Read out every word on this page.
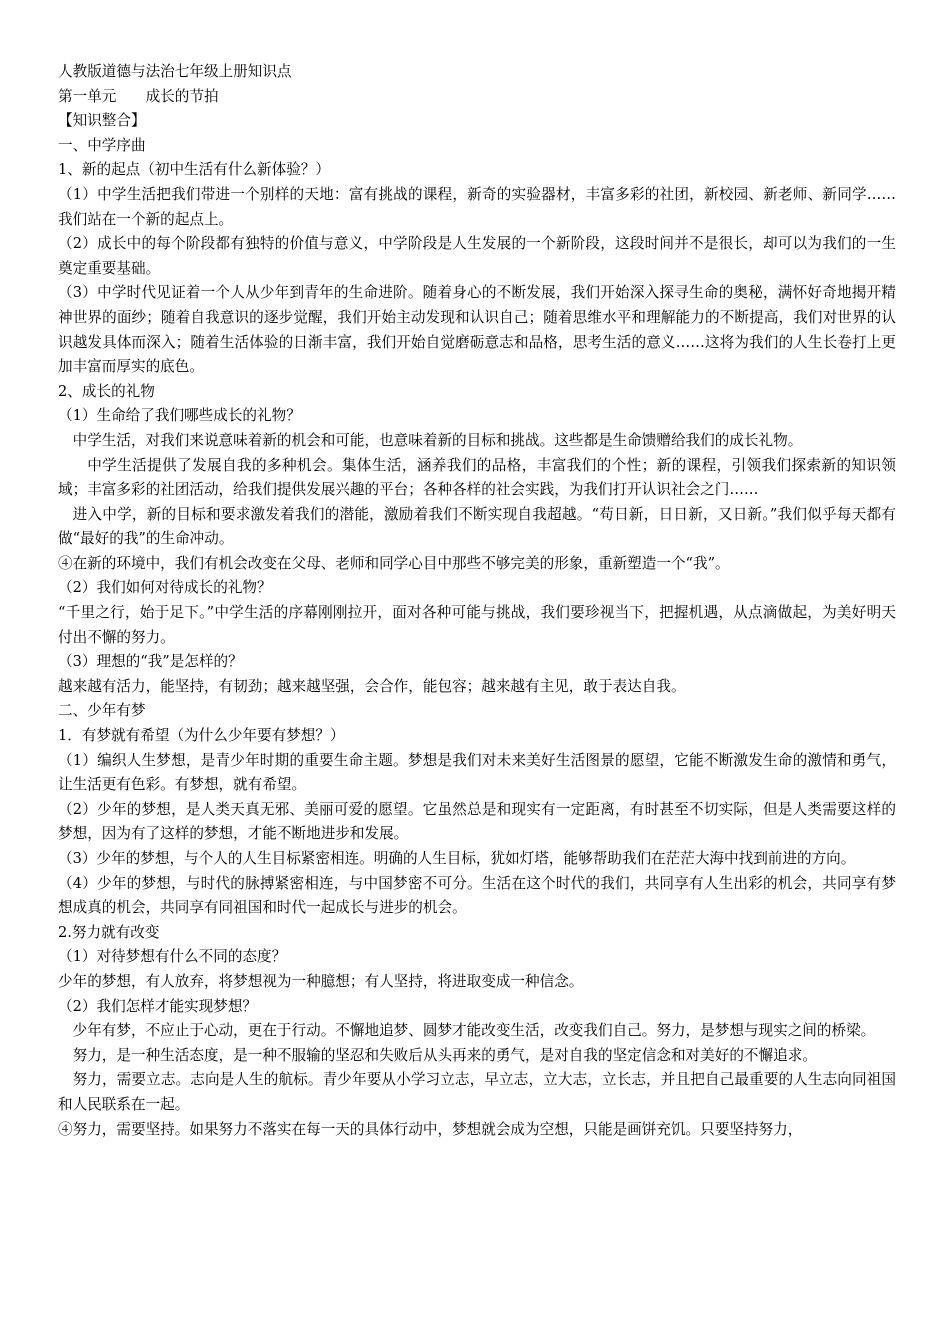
人教版道德与法治七年级上册知识点

第一单元　　成长的节拍

【知识整合】

一、中学序曲

1、新的起点（初中生活有什么新体验？）

（1）中学生活把我们带进一个别样的天地：富有挑战的课程，新奇的实验器材，丰富多彩的社团，新校园、新老师、新同学……我们站在一个新的起点上。

（2）成长中的每个阶段都有独特的价值与意义，中学阶段是人生发展的一个新阶段，这段时间并不是很长，却可以为我们的一生奠定重要基础。

（3）中学时代见证着一个人从少年到青年的生命进阶。随着身心的不断发展，我们开始深入探寻生命的奥秘，满怀好奇地揭开精神世界的面纱；随着自我意识的逐步觉醒，我们开始主动发现和认识自己；随着思维水平和理解能力的不断提高，我们对世界的认识越发具体而深入；随着生活体验的日渐丰富，我们开始自觉磨砺意志和品格，思考生活的意义……这将为我们的人生长卷打上更加丰富而厚实的底色。

2、成长的礼物

（1）生命给了我们哪些成长的礼物？

中学生活，对我们来说意味着新的机会和可能，也意味着新的目标和挑战。这些都是生命馈赠给我们的成长礼物。

中学生活提供了发展自我的多种机会。集体生活，涵养我们的品格，丰富我们的个性；新的课程，引领我们探索新的知识领域；丰富多彩的社团活动，给我们提供发展兴趣的平台；各种各样的社会实践，为我们打开认识社会之门……

进入中学，新的目标和要求激发着我们的潜能，激励着我们不断实现自我超越。“苟日新，日日新，又日新。”我们似乎每天都有做“最好的我”的生命冲动。

④在新的环境中，我们有机会改变在父母、老师和同学心目中那些不够完美的形象，重新塑造一个“我”。

（2）我们如何对待成长的礼物？

“千里之行，始于足下。”中学生活的序幕刚刚拉开，面对各种可能与挑战，我们要珍视当下，把握机遇，从点滴做起，为美好明天付出不懈的努力。

（3）理想的“我”是怎样的？

越来越有活力，能坚持，有韧劲；越来越坚强，会合作，能包容；越来越有主见，敢于表达自我。

二、少年有梦

1．有梦就有希望（为什么少年要有梦想？）

（1）编织人生梦想，是青少年时期的重要生命主题。梦想是我们对未来美好生活图景的愿望，它能不断激发生命的激情和勇气，让生活更有色彩。有梦想，就有希望。

（2）少年的梦想，是人类天真无邪、美丽可爱的愿望。它虽然总是和现实有一定距离，有时甚至不切实际，但是人类需要这样的梦想，因为有了这样的梦想，才能不断地进步和发展。

（3）少年的梦想，与个人的人生目标紧密相连。明确的人生目标，犹如灯塔，能够帮助我们在茫茫大海中找到前进的方向。

（4）少年的梦想，与时代的脉搏紧密相连，与中国梦密不可分。生活在这个时代的我们，共同享有人生出彩的机会，共同享有梦想成真的机会，共同享有同祖国和时代一起成长与进步的机会。

2.努力就有改变

（1）对待梦想有什么不同的态度？

少年的梦想，有人放弃，将梦想视为一种臆想；有人坚持，将进取变成一种信念。

（2）我们怎样才能实现梦想？

少年有梦，不应止于心动，更在于行动。不懈地追梦、圆梦才能改变生活，改变我们自己。努力，是梦想与现实之间的桥梁。

努力，是一种生活态度，是一种不服输的坚忍和失败后从头再来的勇气，是对自我的坚定信念和对美好的不懈追求。

努力，需要立志。志向是人生的航标。青少年要从小学习立志，早立志，立大志，立长志，并且把自己最重要的人生志向同祖国和人民联系在一起。

④努力，需要坚持。如果努力不落实在每一天的具体行动中，梦想就会成为空想，只能是画饼充饥。只要坚持努力，
